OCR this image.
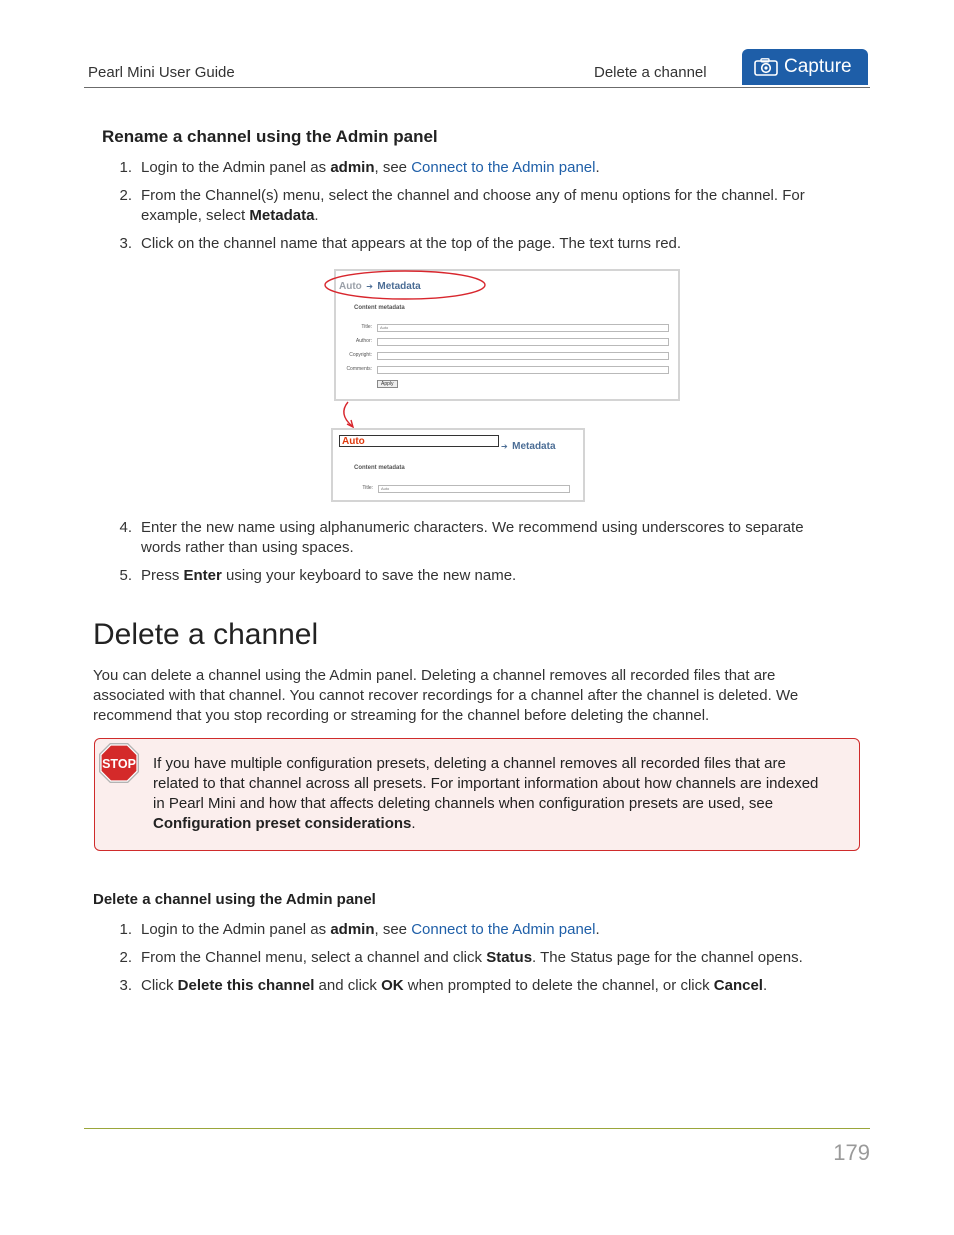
Pearl Mini User Guide	Delete a channel	Capture
Rename a channel using the Admin panel
1. Login to the Admin panel as admin, see Connect to the Admin panel.
2. From the Channel(s) menu, select the channel and choose any of menu options for the channel. For
example, select Metadata.
3. Click on the channel name that appears at the top of the page. The text turns red.
Auto ➔ Metadata
Content metadata
Title: Auto
Author:
Copyright:
Comments:
Apply
Auto	➔ Metadata
Content metadata
Title: Auto
4. Enter the new name using alphanumeric characters. We recommend using underscores to separate
words rather than using spaces.
5. Press Enter using your keyboard to save the new name.
Delete a channel
You can delete a channel using the Admin panel. Deleting a channel removes all recorded files that are
associated with that channel. You cannot recover recordings for a channel after the channel is deleted. We
recommend that you stop recording or streaming for the channel before deleting the channel.
STOP If you have multiple configuration presets, deleting a channel removes all recorded files that are
related to that channel across all presets. For important information about how channels are indexed
in Pearl Mini and how that affects deleting channels when configuration presets are used, see
Configuration preset considerations.
Delete a channel using the Admin panel
1. Login to the Admin panel as admin, see Connect to the Admin panel.
2. From the Channel menu, select a channel and click Status. The Status page for the channel opens.
3. Click Delete this channel and click OK when prompted to delete the channel, or click Cancel.
179
